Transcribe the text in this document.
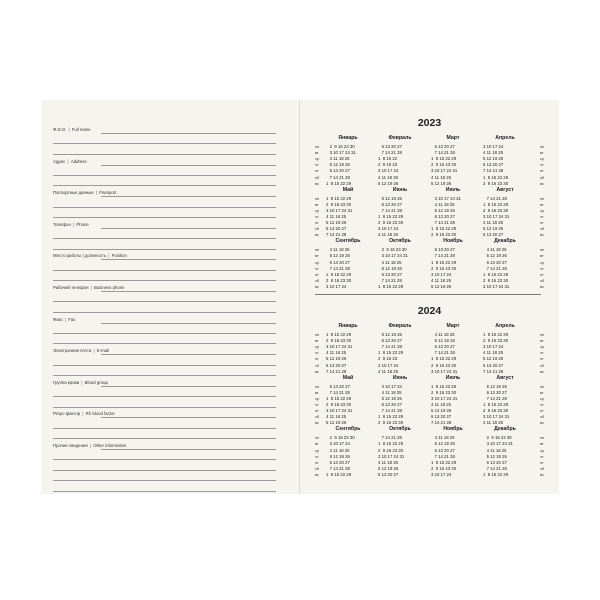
Ф.И.О. | Full name
Адрес | Address
Паспортные данные | Passport
Телефон | Phone
Место работы | должность | Position
Рабочий телефон | Business phone
Факс | Fax
Электронная почта | E-mail
Группа крови | Blood group
Резус-фактор | Rh blood factor
Прочие сведения | Other information
2023
пн
вт
ср
чт
пт
сб
вс
пн
вт
ср
чт
пт
сб
вс
Январь
2  9 16 23 30
3 10 17 24 31
4 11 18 25
5 12 19 26
6 13 20 27
7 14 21 28
1  8 15 22 29
Февраль
6 13 20 27
7 14 21 28
1  8 15 22
2  9 16 23
3 10 17 24
4 11 18 25
5 12 19 26
Март
6 13 20 27
7 14 21 28
1  8 15 22 29
2  9 16 23 30
3 10 17 24 31
4 11 18 25
5 12 19 26
Апрель
3 10 17 24
4 11 18 25
5 12 19 26
6 13 20 27
7 14 21 28
1  8 15 22 29
2  9 16 23 30
пн
вт
ср
чт
пт
сб
вс
пн
вт
ср
чт
пт
сб
вс
Май
1  8 15 22 29
2  9 16 23 30
3 10 17 24 31
4 11 18 25
5 12 19 26
6 13 20 27
7 14 21 28
Июнь
5 12 19 26
6 13 20 27
7 14 21 28
1  8 15 22 29
2  9 16 23 30
3 10 17 24
4 11 18 25
Июль
3 10 17 24 31
4 11 18 25
5 12 19 26
6 13 20 27
7 14 21 28
1  8 15 22 29
2  9 16 23 30
Август
7 14 21 28
1  8 15 22 29
2  9 16 23 30
3 10 17 24 31
4 11 18 25
5 12 19 26
6 13 20 27
пн
вт
ср
чт
пт
сб
вс
пн
вт
ср
чт
пт
сб
вс
Сентябрь
4 11 18 25
5 12 19 26
6 13 20 27
7 14 21 28
1  8 15 22 29
2  9 16 23 30
3 10 17 24
Октябрь
2  9 16 23 30
3 10 17 24 31
4 11 18 25
5 12 19 26
6 13 20 27
7 14 21 28
1  8 15 22 29
Ноябрь
6 13 20 27
7 14 21 28
1  8 15 22 29
2  9 16 23 30
3 10 17 24
4 11 18 25
5 12 19 26
Декабрь
4 11 18 25
5 12 19 26
6 13 20 27
7 14 21 28
1  8 15 22 29
2  9 16 23 30
3 10 17 24 31
2024
пн
вт
ср
чт
пт
сб
вс
пн
вт
ср
чт
пт
сб
вс
Январь
1  8 15 22 29
2  9 16 23 30
3 10 17 24 31
4 11 18 25
5 12 19 26
6 13 20 27
7 14 21 28
Февраль
5 12 19 26
6 13 20 27
7 14 21 28
1  8 15 22 29
2  9 16 23
3 10 17 24
4 11 18 25
Март
4 11 18 25
5 12 19 26
6 13 20 27
7 14 21 28
1  8 15 22 29
2  9 16 23 30
3 10 17 24 31
Апрель
1  8 15 22 29
2  9 16 23 30
3 10 17 24
4 11 18 25
5 12 19 26
6 13 20 27
7 14 21 28
пн
вт
ср
чт
пт
сб
вс
пн
вт
ср
чт
пт
сб
вс
Май
6 13 20 27
7 14 21 28
1  8 15 22 29
2  9 16 23 30
3 10 17 24 31
4 11 18 25
5 12 19 26
Июнь
3 10 17 24
4 11 18 25
5 12 19 26
6 13 20 27
7 14 21 28
1  8 15 22 29
2  9 16 23 30
Июль
1  8 15 22 29
2  9 16 23 30
3 10 17 24 31
4 11 18 25
5 12 19 26
6 13 20 27
7 14 21 28
Август
5 12 19 26
6 13 20 27
7 14 21 28
1  8 15 22 29
2  9 16 23 30
3 10 17 24 31
4 11 18 25
пн
вт
ср
чт
пт
сб
вс
пн
вт
ср
чт
пт
сб
вс
Сентябрь
2  9 16 23 30
3 10 17 24
4 11 18 25
5 12 19 26
6 13 20 27
7 14 21 28
1  8 15 22 29
Октябрь
7 14 21 28
1  8 15 22 29
2  9 16 23 30
3 10 17 24 31
4 11 18 25
5 12 19 26
6 13 20 27
Ноябрь
4 11 18 25
5 12 19 26
6 13 20 27
7 14 21 28
1  8 15 22 29
2  9 16 23 30
3 10 17 24
Декабрь
2  9 16 23 30
3 10 17 24 31
4 11 18 25
5 12 19 26
6 13 20 27
7 14 21 28
1  8 15 22 29
